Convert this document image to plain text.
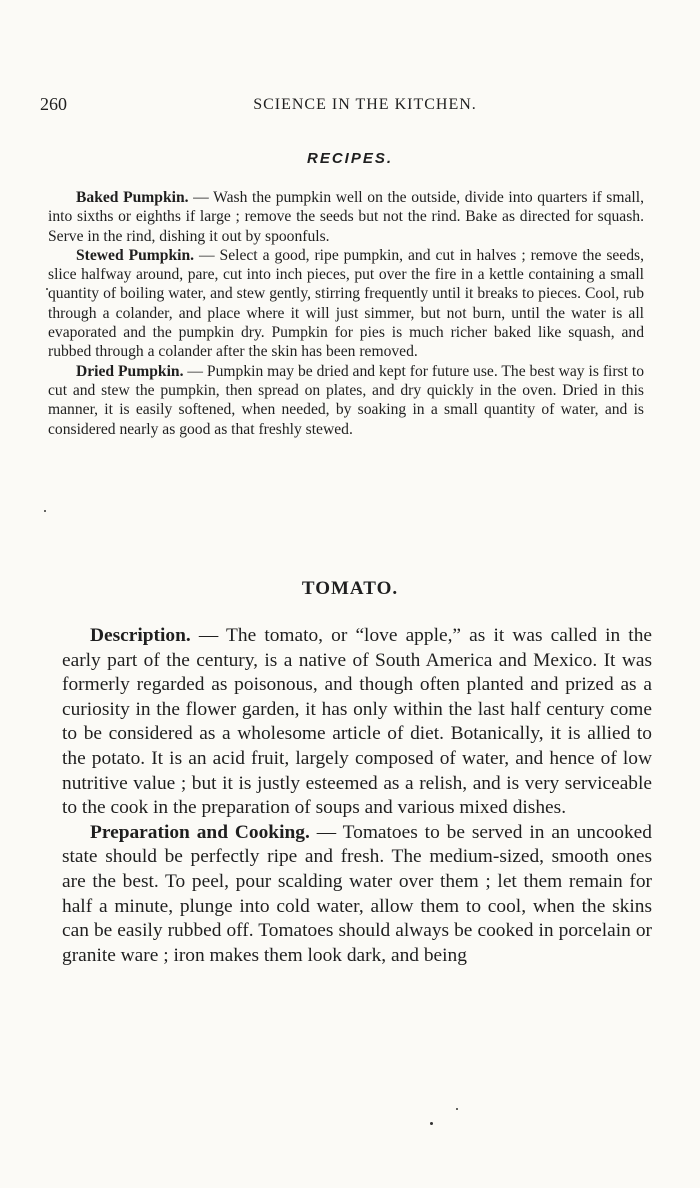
260	SCIENCE IN THE KITCHEN.
RECIPES.

Baked Pumpkin. — Wash the pumpkin well on the outside, divide into quarters if small, into sixths or eighths if large ; remove the seeds but not the rind. Bake as directed for squash. Serve in the rind, dishing it out by spoonfuls.

Stewed Pumpkin. — Select a good, ripe pumpkin, and cut in halves ; remove the seeds, slice halfway around, pare, cut into inch pieces, put over the fire in a kettle containing a small quantity of boiling water, and stew gently, stirring frequently until it breaks to pieces. Cool, rub through a colander, and place where it will just simmer, but not burn, until the water is all evaporated and the pumpkin dry. Pumpkin for pies is much richer baked like squash, and rubbed through a colander after the skin has been removed.

Dried Pumpkin. — Pumpkin may be dried and kept for future use. The best way is first to cut and stew the pumpkin, then spread on plates, and dry quickly in the oven. Dried in this manner, it is easily softened, when needed, by soaking in a small quantity of water, and is considered nearly as good as that freshly stewed.

TOMATO.

Description. — The tomato, or “love apple,” as it was called in the early part of the century, is a native of South America and Mexico. It was formerly regarded as poisonous, and though often planted and prized as a curiosity in the flower garden, it has only within the last half century come to be considered as a wholesome article of diet. Botanically, it is allied to the potato. It is an acid fruit, largely composed of water, and hence of low nutritive value ; but it is justly esteemed as a relish, and is very serviceable to the cook in the preparation of soups and various mixed dishes.

Preparation and Cooking. — Tomatoes to be served in an uncooked state should be perfectly ripe and fresh. The medium-sized, smooth ones are the best. To peel, pour scalding water over them ; let them remain for half a minute, plunge into cold water, allow them to cool, when the skins can be easily rubbed off. Tomatoes should always be cooked in porcelain or granite ware ; iron makes them look dark, and being
